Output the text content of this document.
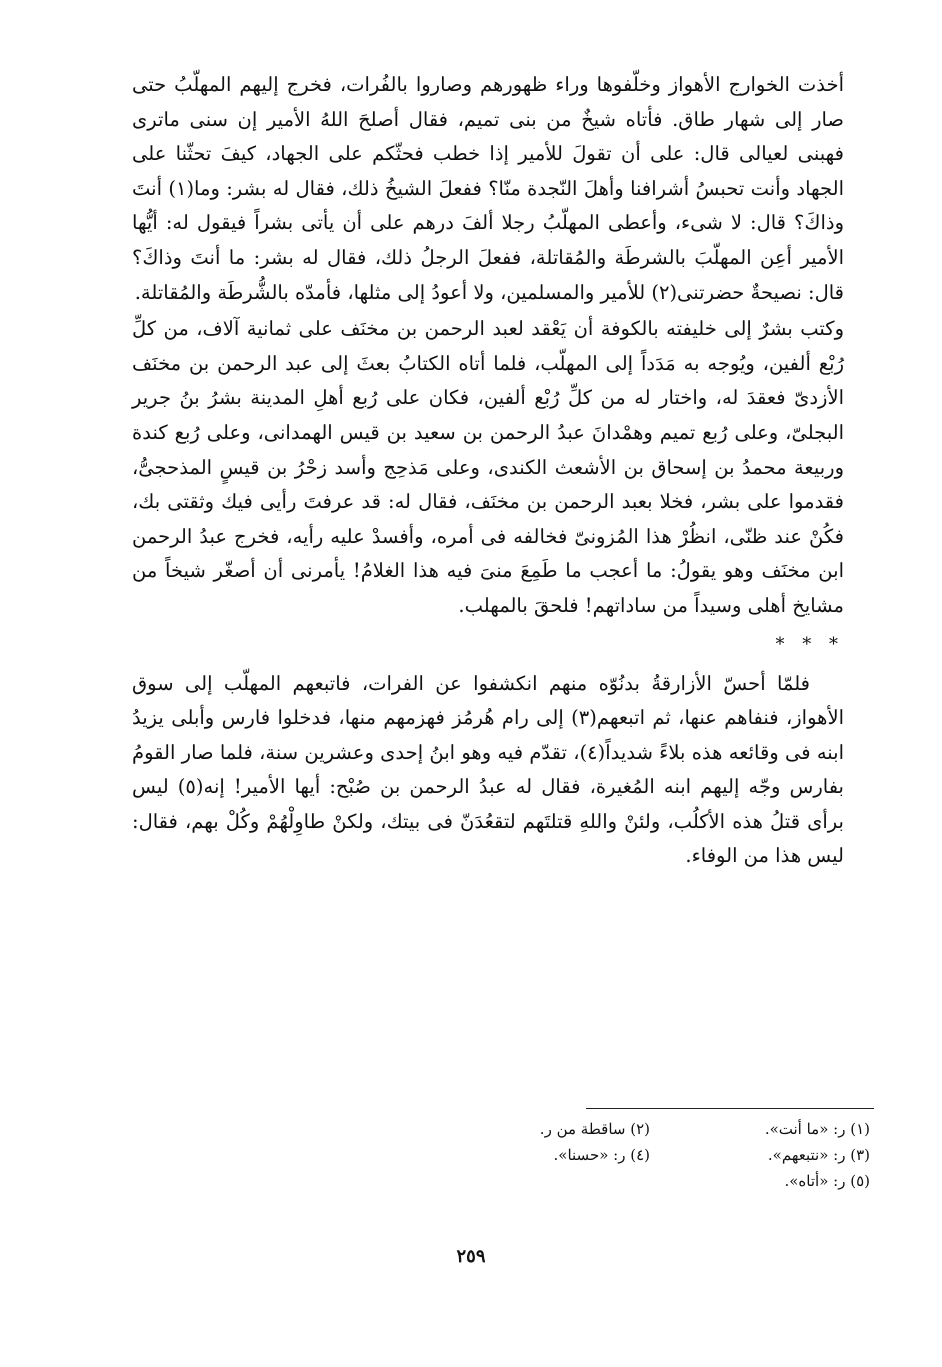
أخذت الخوارج الأهواز وخلّفوها وراء ظهورهم وصاروا بالفُرات، فخرج إليهم المهلّبُ حتى صار إلى شهار طاق. فأتاه شيخٌ من بنى تميم، فقال أصلحَ اللهُ الأمير إن سنى ماترى فهبنى لعيالى قال: على أن تقولَ للأمير إذا خطب فحثّكم على الجهاد، كيفَ تحثّنا على الجهاد وأنت تحبسُ أشرافنا وأهلَ النّجدة منّا؟ ففعلَ الشيخُ ذلك، فقال له بشر: وما(١) أنتَ وذاكَ؟ قال: لا شىء، وأعطى المهلّبُ رجلا ألفَ درهم على أن يأتى بشراً فيقول له: أيُّها الأمير أعِن المهلّبَ بالشرطَة والمُقاتلة، ففعلَ الرجلُ ذلك، فقال له بشر: ما أنتَ وذاكَ؟ قال: نصيحةٌ حضرتنى(٢) للأمير والمسلمين، ولا أعودُ إلى مثلها، فأمدّه بالشُّرطَة والمُقاتلة.

وكتب بشرٌ إلى خليفته بالكوفة أن يَعْقد لعبد الرحمن بن مخنَف على ثمانية آلاف، من كلِّ رُبْع ألفين، ويُوجه به مَدَداً إلى المهلّب، فلما أتاه الكتابُ بعثَ إلى عبد الرحمن بن مخنَف الأزدىّ فعقدَ له، واختار له من كلِّ رُبْع ألفين، فكان على رُبع أهلِ المدينة بشرُ بنُ جرير البجلىّ، وعلى رُبع تميم وهمْدانَ عبدُ الرحمن بن سعيد بن قيس الهمدانى، وعلى رُبع كندة وربيعة محمدُ بن إسحاق بن الأشعث الكندى، وعلى مَذحِج وأسد زحْرُ بن قيسٍ المذحجىُّ، فقدموا على بشر، فخلا بعبد الرحمن بن مخنَف، فقال له: قد عرفتَ رأيى فيك وثقتى بك، فكُنْ عند ظنّى، انظُرْ هذا المُزونىّ فخالفه فى أمره، وأفسدْ عليه رأيه، فخرج عبدُ الرحمن ابن مخنَف وهو يقولُ: ما أعجب ما طَمِعَ منىَ فيه هذا الغلامُ! يأمرنى أن أصغّر شيخاً من مشايخ أهلى وسيداً من ساداتهم! فلحقَ بالمهلب.

* * *

فلمّا أحسّ الأزارقةُ بدنُوّه منهم انكشفوا عن الفرات، فاتبعهم المهلّب إلى سوق الأهواز، فنفاهم عنها، ثم اتبعهم(٣) إلى رام هُرمُز فهزمهم منها، فدخلوا فارس وأبلى يزيدُ ابنه فى وقائعه هذه بلاءً شديداً(٤)، تقدّم فيه وهو ابنُ إحدى وعشرين سنة، فلما صار القومُ بفارس وجّه إليهم ابنه المُغيرة، فقال له عبدُ الرحمن بن صُبْح: أيها الأمير! إنه(٥) ليس برأى قتلُ هذه الأكلُب، ولئنْ واللهِ قتلتَهم لتقعُدَنّ فى بيتك، ولكنْ طاوِلْهُمْ وكُلْ بهم، فقال: ليس هذا من الوفاء.

(١) ر: «ما أنت».
(٢) ساقطة من ر.
(٣) ر: «نتبعهم».
(٤) ر: «حسنا».
(٥) ر: «أتاه».
٢٥٩
